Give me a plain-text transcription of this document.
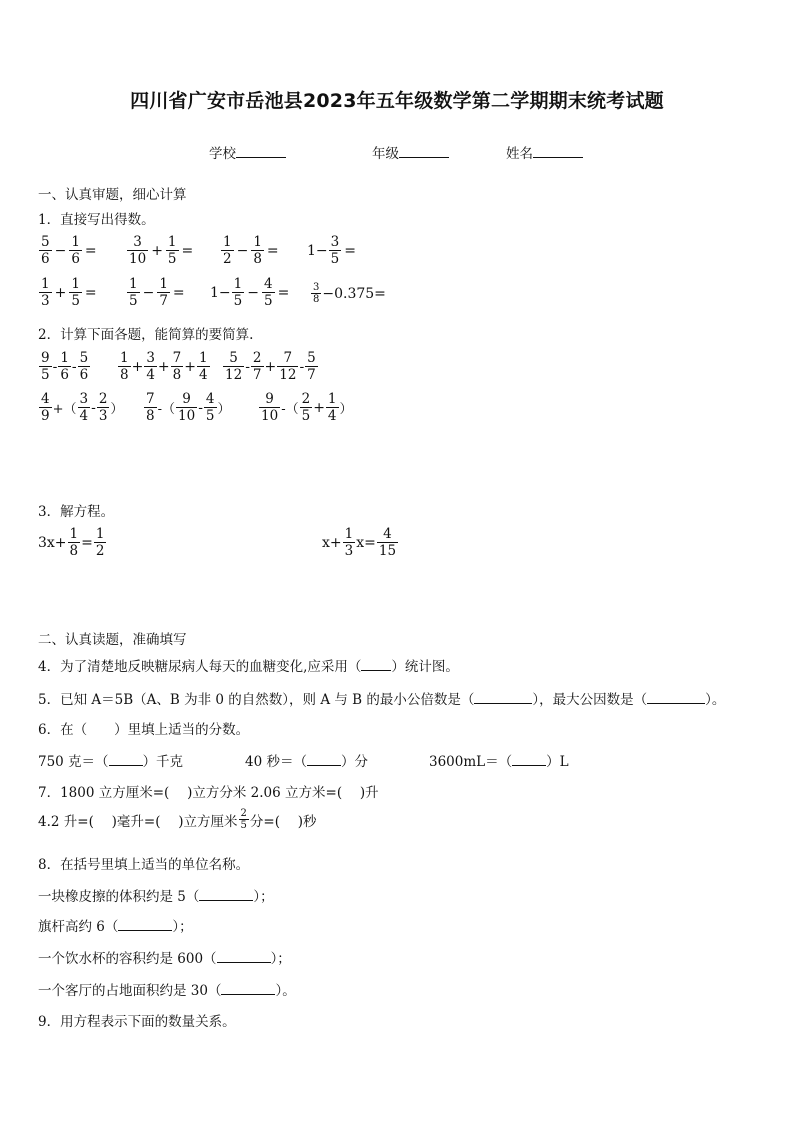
四川省广安市岳池县2023年五年级数学第二学期期末统考试题
学校	年级	姓名
一、认真审题，细心计算
1．直接写出得数。
$\frac{5}{6} - \frac{1}{6} = \frac{3}{10} + \frac{1}{5} = \frac{1}{2} - \frac{1}{8} = 1- \frac{3}{5}$ =
$\frac{1}{3} + \frac{1}{5} = \frac{1}{5} - \frac{1}{7} = 1- \frac{1}{5} - \frac{4}{5} = \frac{3}{8} -0.375=$
2．计算下面各题，能简算的要简算.
$\frac{9}{5} - \frac{1}{6} - \frac{5}{6} \frac{1}{8} + \frac{3}{4} + \frac{7}{8} + \frac{1}{4} \frac{5}{12} - \frac{2}{7} + \frac{7}{12} - \frac{5}{7}$
$\frac{4}{9}$ +（ $\frac{3}{4} - \frac{2}{3}$ ） $\frac{7}{8}$ -（ $\frac{9}{10} - \frac{4}{5}$ ） $\frac{9}{10}$ -（ $\frac{2}{5} + \frac{1}{4}$ ）
3．解方程。
$3x+ \frac{1}{8} = \frac{1}{2}$	$x+ \frac{1}{3} x= \frac{4}{15}$
二、认真读题，准确填写
4．为了清楚地反映糖尿病人每天的血糖变化,应采用（ ）统计图。
5．已知 A＝5B（A、B 为非 0 的自然数），则 A 与 B 的最小公倍数是（	），最大公因数是（	）。
6．在（　　）里填上适当的分数。
750 克＝（	）千克	40 秒＝（	）分	3600mL＝（	）L
7．1800 立方厘米=(　 )立方分米 2.06 立方米=(　 )升
4.2 升=(　 )毫升=(　 )立方厘米 $\frac{2}{5}$ 分=(　 )秒
8．在括号里填上适当的单位名称。
一块橡皮擦的体积约是 5（	）；
旗杆高约 6（	）；
一个饮水杯的容积约是 600（	）；
一个客厅的占地面积约是 30（	）。
9．用方程表示下面的数量关系。
